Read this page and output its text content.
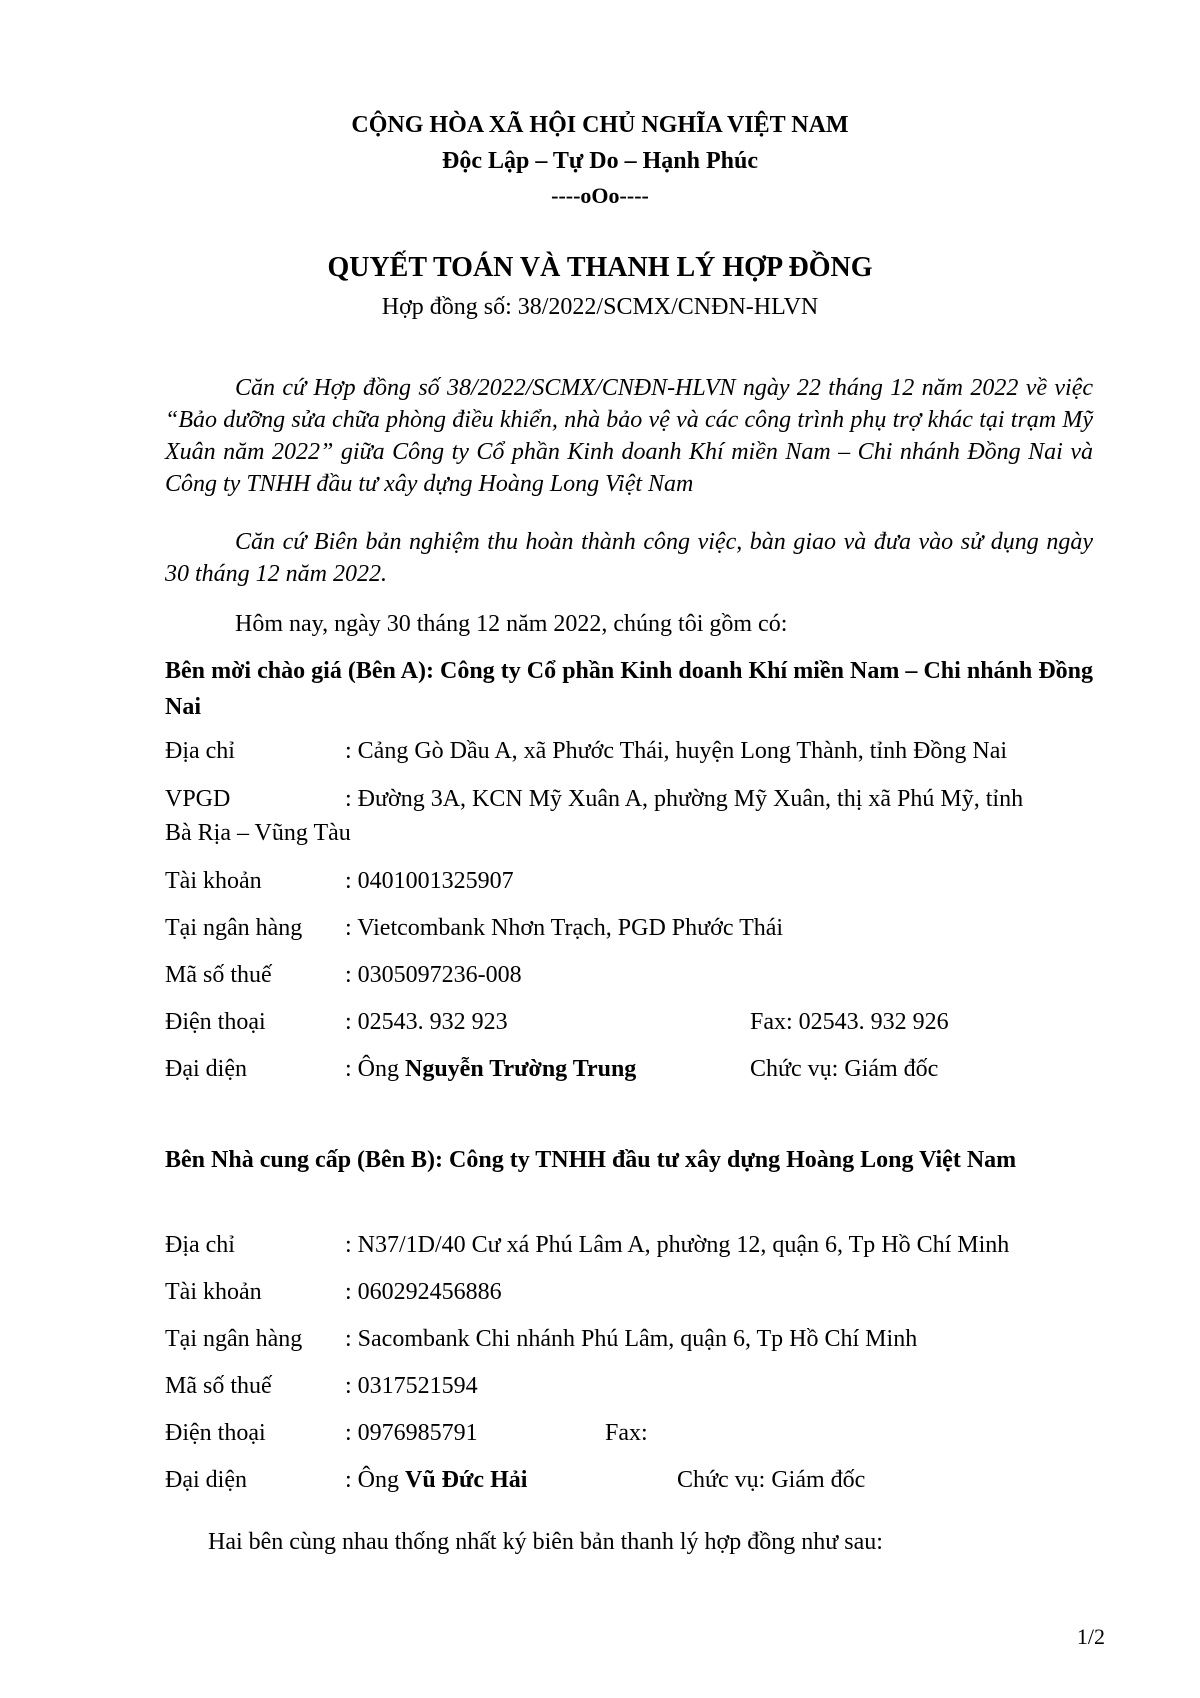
CỘNG HÒA XÃ HỘI CHỦ NGHĨA VIỆT NAM
Độc Lập – Tự Do – Hạnh Phúc
----oOo----
QUYẾT TOÁN VÀ THANH LÝ HỢP ĐỒNG
Hợp đồng số: 38/2022/SCMX/CNĐN-HLVN
Căn cứ Hợp đồng số 38/2022/SCMX/CNĐN-HLVN ngày 22 tháng 12 năm 2022 về việc “Bảo dưỡng sửa chữa phòng điều khiển, nhà bảo vệ và các công trình phụ trợ khác tại trạm Mỹ Xuân năm 2022” giữa Công ty Cổ phần Kinh doanh Khí miền Nam – Chi nhánh Đồng Nai và Công ty TNHH đầu tư xây dựng Hoàng Long Việt Nam
Căn cứ Biên bản nghiệm thu hoàn thành công việc, bàn giao và đưa vào sử dụng ngày 30 tháng 12 năm 2022.
Hôm nay, ngày 30 tháng 12 năm 2022, chúng tôi gồm có:
Bên mời chào giá (Bên A): Công ty Cổ phần Kinh doanh Khí miền Nam – Chi nhánh Đồng Nai
Địa chỉ	: Cảng Gò Dầu A, xã Phước Thái, huyện Long Thành, tỉnh Đồng Nai
VPGD	: Đường 3A, KCN Mỹ Xuân A, phường Mỹ Xuân, thị xã Phú Mỹ, tỉnh
Bà Rịa – Vũng Tàu
Tài khoản	: 0401001325907
Tại ngân hàng : Vietcombank Nhơn Trạch, PGD Phước Thái
Mã số thuế	: 0305097236-008
Điện thoại	: 02543. 932 923	Fax: 02543. 932 926
Đại diện	: Ông Nguyễn Trường Trung	Chức vụ: Giám đốc
Bên Nhà cung cấp (Bên B): Công ty TNHH đầu tư xây dựng Hoàng Long Việt Nam
Địa chỉ	: N37/1D/40 Cư xá Phú Lâm A, phường 12, quận 6, Tp Hồ Chí Minh
Tài khoản	: 060292456886
Tại ngân hàng : Sacombank Chi nhánh Phú Lâm, quận 6, Tp Hồ Chí Minh
Mã số thuế	: 0317521594
Điện thoại	: 0976985791	Fax:
Đại diện	: Ông Vũ Đức Hải	Chức vụ: Giám đốc
Hai bên cùng nhau thống nhất ký biên bản thanh lý hợp đồng như sau:
1/2
